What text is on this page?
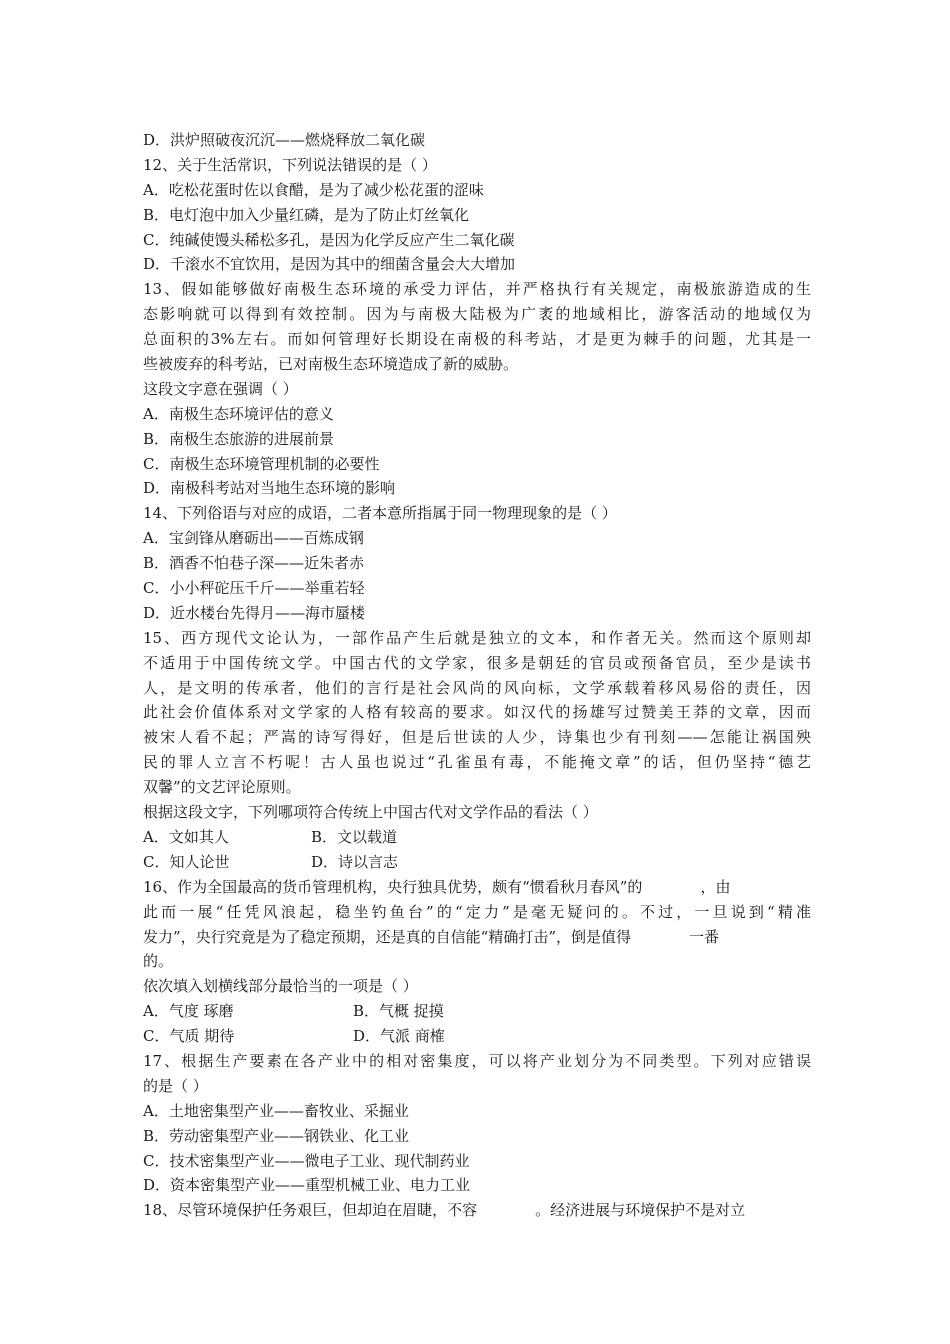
D．洪炉照破夜沉沉——燃烧释放二氧化碳
12、关于生活常识，下列说法错误的是（ ）
A．吃松花蛋时佐以食醋，是为了减少松花蛋的涩味
B．电灯泡中加入少量红磷，是为了防止灯丝氧化
C．纯碱使馒头稀松多孔，是因为化学反应产生二氧化碳
D．千滚水不宜饮用，是因为其中的细菌含量会大大增加
13、假如能够做好南极生态环境的承受力评估，并严格执行有关规定，南极旅游造成的生
态影响就可以得到有效控制。因为与南极大陆极为广袤的地域相比，游客活动的地域仅为
总面积的3%左右。而如何管理好长期设在南极的科考站，才是更为棘手的问题，尤其是一
些被废弃的科考站，已对南极生态环境造成了新的威胁。
这段文字意在强调（ ）
A．南极生态环境评估的意义
B．南极生态旅游的进展前景
C．南极生态环境管理机制的必要性
D．南极科考站对当地生态环境的影响
14、下列俗语与对应的成语，二者本意所指属于同一物理现象的是（ ）
A．宝剑锋从磨砺出——百炼成钢
B．酒香不怕巷子深——近朱者赤
C．小小秤砣压千斤——举重若轻
D．近水楼台先得月——海市蜃楼
15、西方现代文论认为，一部作品产生后就是独立的文本，和作者无关。然而这个原则却
不适用于中国传统文学。中国古代的文学家，很多是朝廷的官员或预备官员，至少是读书
人，是文明的传承者，他们的言行是社会风尚的风向标，文学承载着移风易俗的责任，因
此社会价值体系对文学家的人格有较高的要求。如汉代的扬雄写过赞美王莽的文章，因而
被宋人看不起；严嵩的诗写得好，但是后世读的人少，诗集也少有刊刻——怎能让祸国殃
民的罪人立言不朽呢！古人虽也说过“孔雀虽有毒，不能掩文章”的话，但仍坚持“德艺
双馨”的文艺评论原则。
根据这段文字，下列哪项符合传统上中国古代对文学作品的看法（ ）
A．文如其人	B．文以载道
C．知人论世	D．诗以言志
16、作为全国最高的货币管理机构，央行独具优势，颇有“惯看秋月春风”的	，由
此而一展“任凭风浪起，稳坐钓鱼台”的“定力”是毫无疑问的。不过，一旦说到“精准
发力”，央行究竟是为了稳定预期，还是真的自信能“精确打击”，倒是值得	一番
的。
依次填入划横线部分最恰当的一项是（ ）
A．气度 琢磨	B．气概 捉摸
C．气质 期待	D．气派 商榷
17、根据生产要素在各产业中的相对密集度，可以将产业划分为不同类型。下列对应错误
的是（ ）
A．土地密集型产业——畜牧业、采掘业
B．劳动密集型产业——钢铁业、化工业
C．技术密集型产业——微电子工业、现代制药业
D．资本密集型产业——重型机械工业、电力工业
18、尽管环境保护任务艰巨，但却迫在眉睫，不容	。经济进展与环境保护不是对立
